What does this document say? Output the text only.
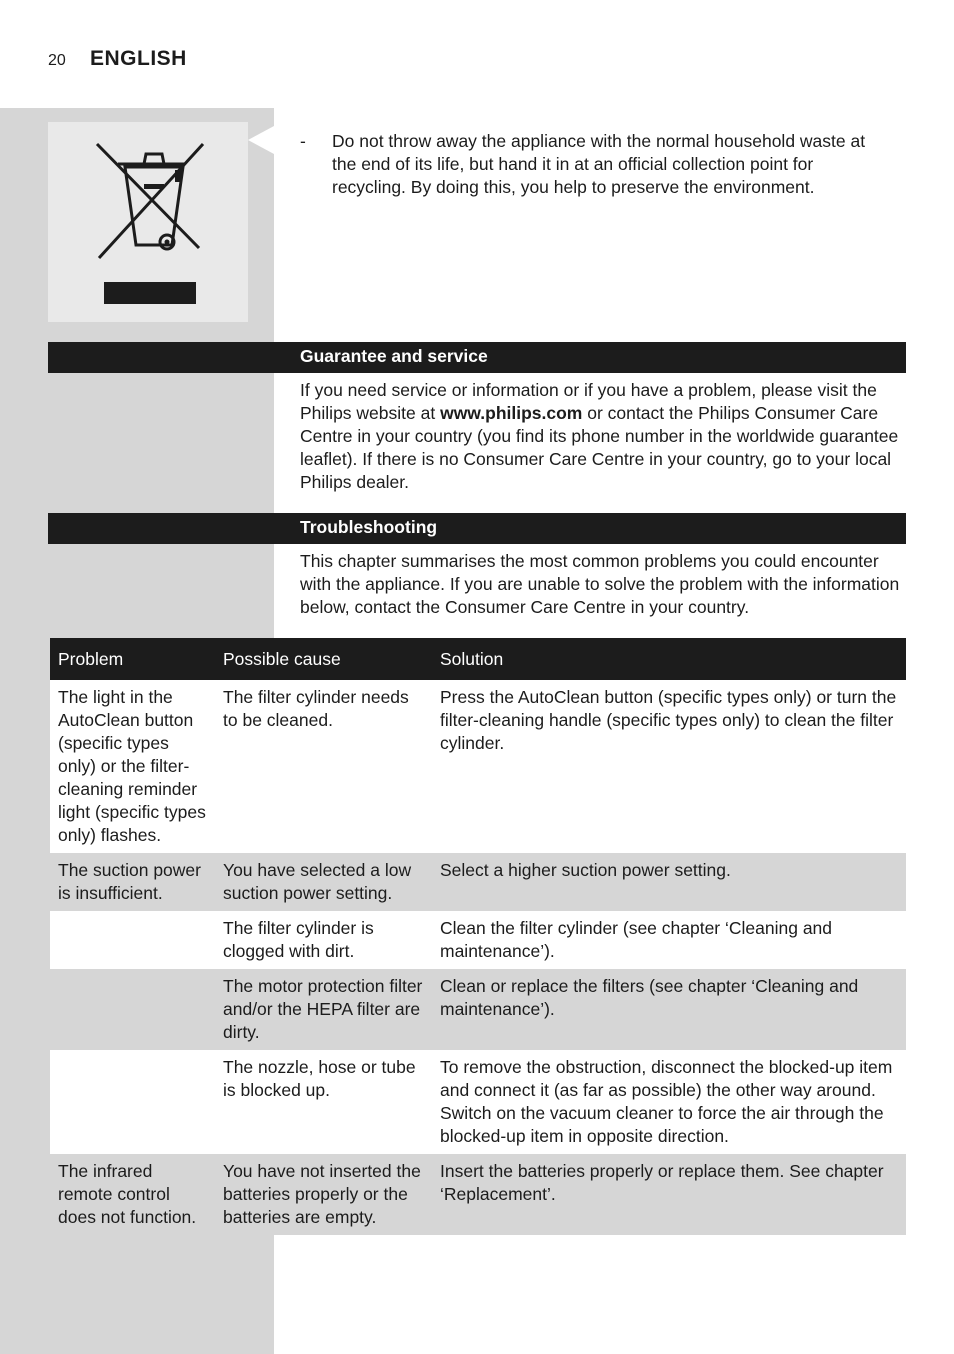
20 ENGLISH
- Do not throw away the appliance with the normal household waste at the end of its life, but hand it in at an official collection point for recycling. By doing this, you help to preserve the environment.
Guarantee and service
If you need service or information or if you have a problem, please visit the Philips website at www.philips.com or contact the Philips Consumer Care Centre in your country (you find its phone number in the worldwide guarantee leaflet). If there is no Consumer Care Centre in your country, go to your local Philips dealer.
Troubleshooting
This chapter summarises the most common problems you could encounter with the appliance. If you are unable to solve the problem with the information below, contact the Consumer Care Centre in your country.
Problem	Possible cause	Solution
The light in the AutoClean button (specific types only) or the filter-cleaning reminder light (specific types only) flashes.	The filter cylinder needs to be cleaned.	Press the AutoClean button (specific types only) or turn the filter-cleaning handle (specific types only) to clean the filter cylinder.
The suction power is insufficient.	You have selected a low suction power setting.	Select a higher suction power setting.
	The filter cylinder is clogged with dirt.	Clean the filter cylinder (see chapter ‘Cleaning and maintenance’).
	The motor protection filter and/or the HEPA filter are dirty.	Clean or replace the filters (see chapter ‘Cleaning and maintenance’).
	The nozzle, hose or tube is blocked up.	To remove the obstruction, disconnect the blocked-up item and connect it (as far as possible) the other way around. Switch on the vacuum cleaner to force the air through the blocked-up item in opposite direction.
The infrared remote control does not function.	You have not inserted the batteries properly or the batteries are empty.	Insert the batteries properly or replace them. See chapter ‘Replacement’.
